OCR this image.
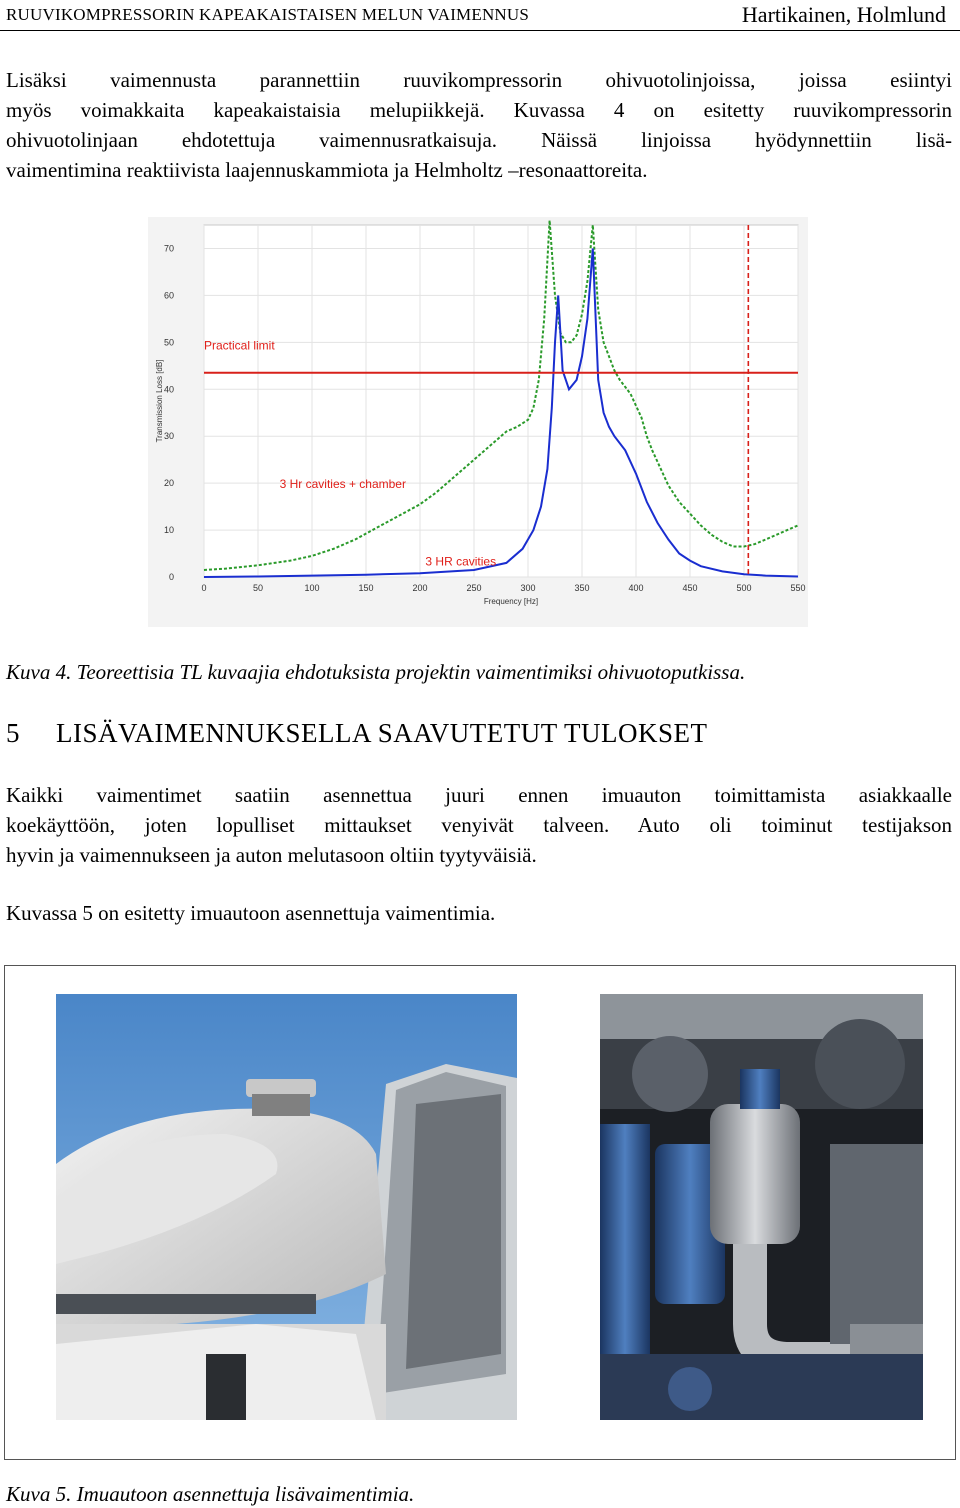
RUUVIKOMPRESSORIN KAPEAKAISTAISEN MELUN VAIMENNUS	Hartikainen, Holmlund

Lisäksi vaimennusta parannettiin ruuvikompressorin ohivuotolinjoissa, joissa esiintyi
myös voimakkaita kapeakaistaisia melupiikkejä. Kuvassa 4 on esitetty ruuvikompressorin
ohivuotolinjaan ehdotettuja vaimennusratkaisuja. Näissä linjoissa hyödynnettiin lisä-
vaimentimina reaktiivista laajennuskammiota ja Helmholtz –resonaattoreita.

0	50	100	150	200	250	300	350	400	450	500	550
0
10
20
30
40
50
60
70
Frequency [Hz]
Transmission Loss [dB]
Practical limit
3 Hr cavities + chamber
3 HR cavities
Kuva 4. Teoreettisia TL kuvaajia ehdotuksista projektin vaimentimiksi ohivuotoputkissa.
5 LISÄVAIMENNUKSELLA SAAVUTETUT TULOKSET

Kaikki vaimentimet saatiin asennettua juuri ennen imuauton toimittamista asiakkaalle
koekäyttöön, joten lopulliset mittaukset venyivät talveen. Auto oli toiminut testijakson
hyvin ja vaimennukseen ja auton melutasoon oltiin tyytyväisiä.

Kuvassa 5 on esitetty imuautoon asennettuja vaimentimia.

Kuva 5. Imuautoon asennettuja lisävaimentimia.
